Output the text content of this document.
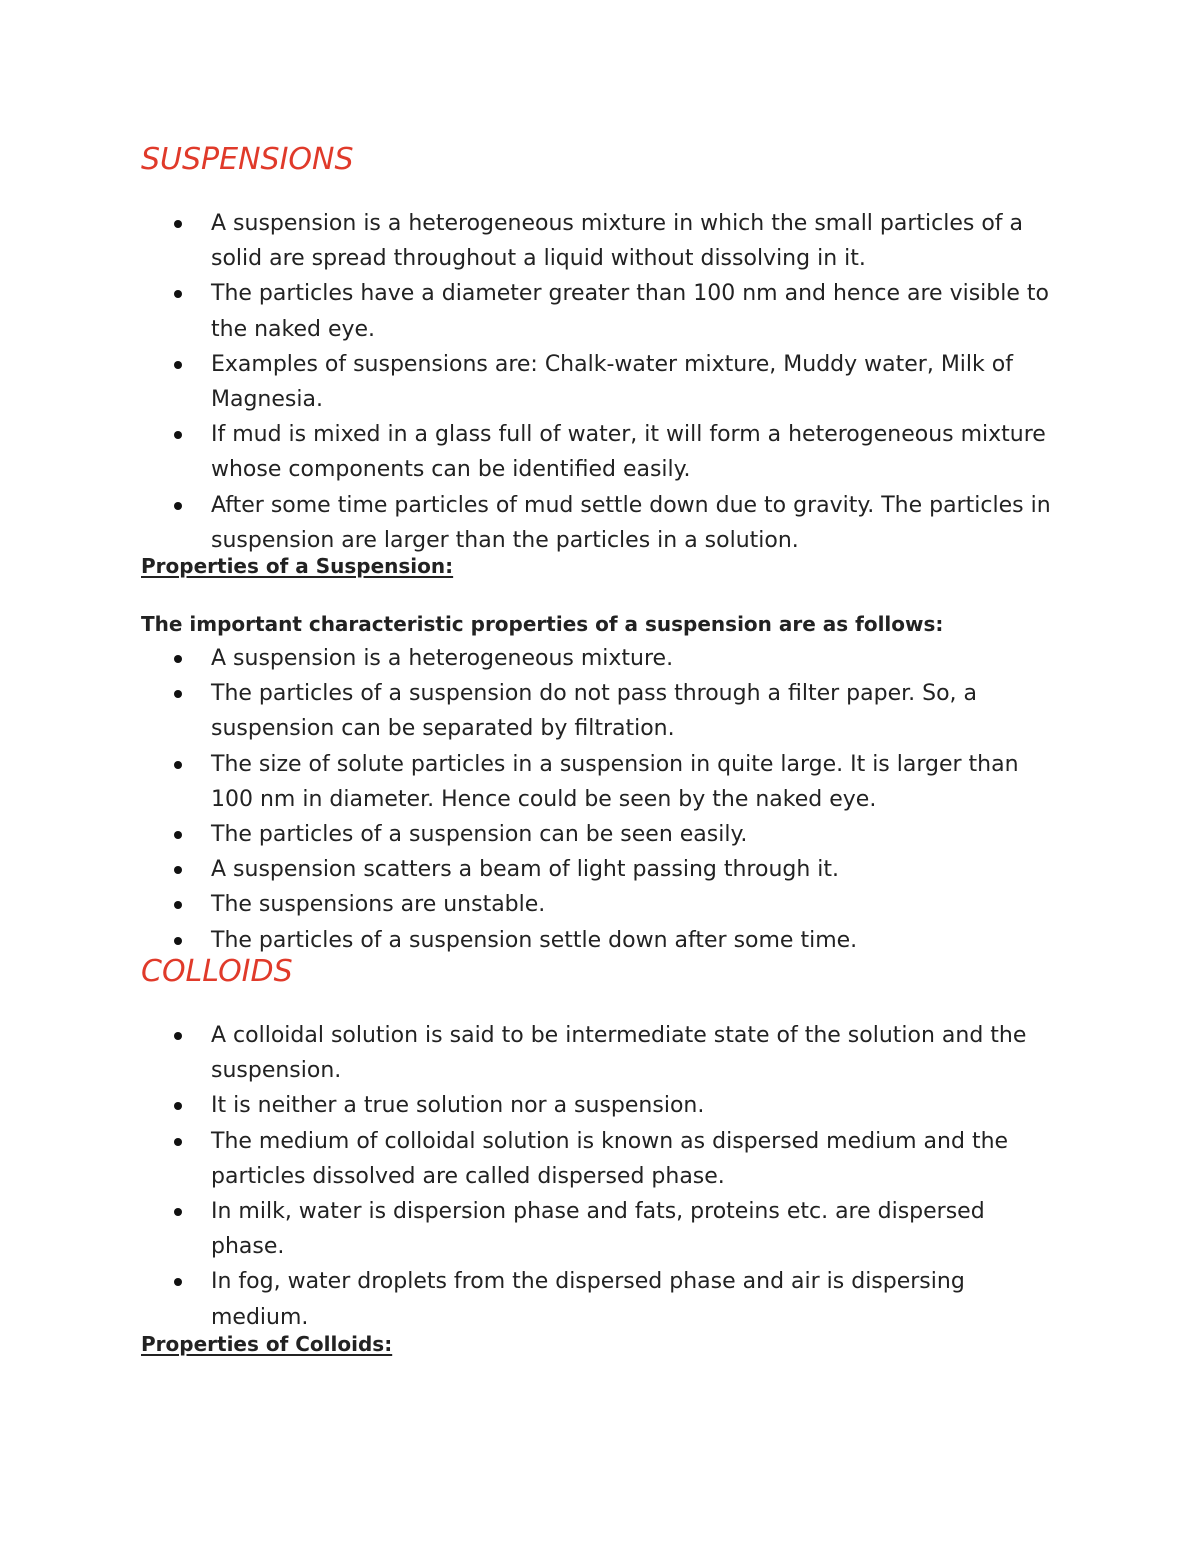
SUSPENSIONS
A suspension is a heterogeneous mixture in which the small particles of a solid are spread throughout a liquid without dissolving in it.
The particles have a diameter greater than 100 nm and hence are visible to the naked eye.
Examples of suspensions are: Chalk-water mixture, Muddy water, Milk of Magnesia.
If mud is mixed in a glass full of water, it will form a heterogeneous mixture whose components can be identified easily.
After some time particles of mud settle down due to gravity. The particles in suspension are larger than the particles in a solution.
Properties of a Suspension:

The important characteristic properties of a suspension are as follows:

A suspension is a heterogeneous mixture.
The particles of a suspension do not pass through a filter paper. So, a suspension can be separated by filtration.
The size of solute particles in a suspension in quite large. It is larger than 100 nm in diameter. Hence could be seen by the naked eye.
The particles of a suspension can be seen easily.
A suspension scatters a beam of light passing through it.
The suspensions are unstable.
The particles of a suspension settle down after some time.
COLLOIDS
A colloidal solution is said to be intermediate state of the solution and the suspension.
It is neither a true solution nor a suspension.
The medium of colloidal solution is known as dispersed medium and the particles dissolved are called dispersed phase.
In milk, water is dispersion phase and fats, proteins etc. are dispersed phase.
In fog, water droplets from the dispersed phase and air is dispersing medium.
Properties of Colloids:
